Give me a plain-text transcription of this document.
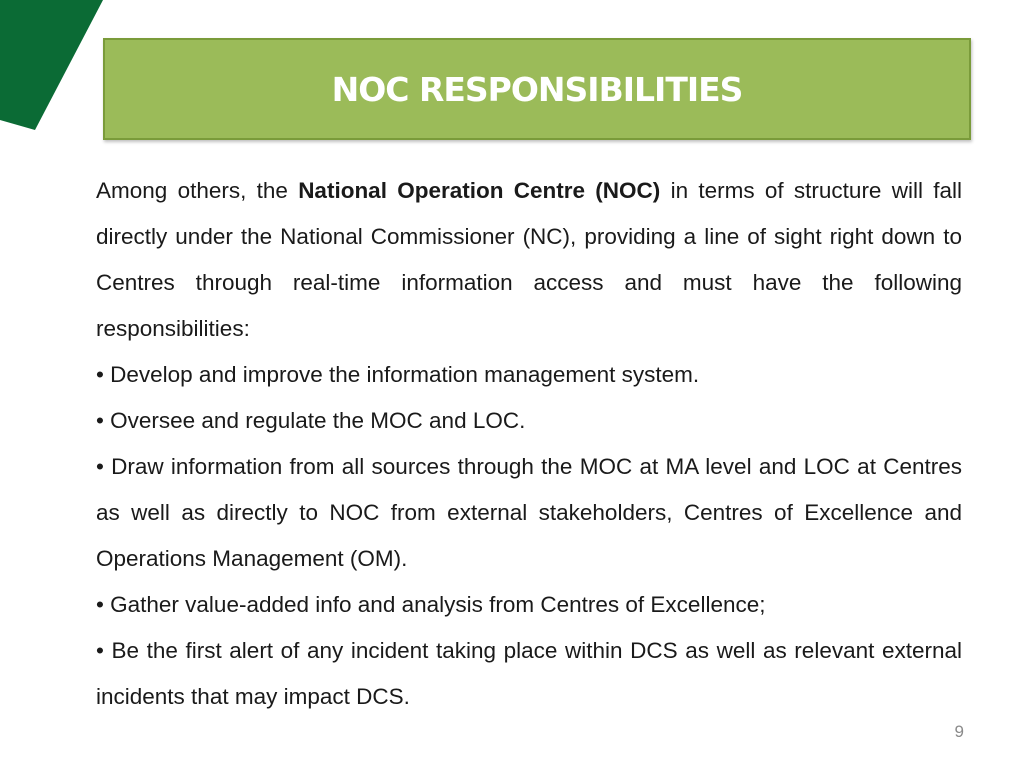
NOC RESPONSIBILITIES

Among others, the National Operation Centre (NOC) in terms of structure will fall directly under the National Commissioner (NC), providing a line of sight right down to Centres through real-time information access and must have the following responsibilities:

• Develop and improve the information management system.

• Oversee and regulate the MOC and LOC.

• Draw information from all sources through the MOC at MA level and LOC at Centres as well as directly to NOC from external stakeholders, Centres of Excellence and Operations Management (OM).

• Gather value-added info and analysis from Centres of Excellence;

• Be the first alert of any incident taking place within DCS as well as relevant external incidents that may impact DCS.

9
